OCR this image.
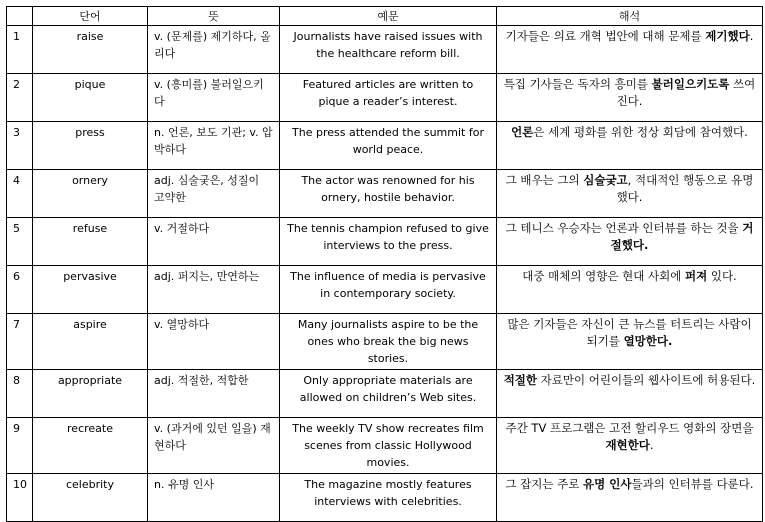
	단어	뜻	예문	해석
1	raise	v. (문제를) 제기하다, 올리다	Journalists have raised issues with the healthcare reform bill.	기자들은 의료 개혁 법안에 대해 문제를 제기했다.
2	pique	v. (흥미를) 불러일으키다	Featured articles are written to pique a reader’s interest.	특집 기사들은 독자의 흥미를 불러일으키도록 쓰여진다.
3	press	n. 언론, 보도 기관; v. 압박하다	The press attended the summit for world peace.	언론은 세계 평화를 위한 정상 회담에 참여했다.
4	ornery	adj. 심술궂은, 성질이 고약한	The actor was renowned for his ornery, hostile behavior.	그 배우는 그의 심술궂고, 적대적인 행동으로 유명했다.
5	refuse	v. 거절하다	The tennis champion refused to give interviews to the press.	그 테니스 우승자는 언론과 인터뷰를 하는 것을 거절했다.
6	pervasive	adj. 퍼지는, 만연하는	The influence of media is pervasive in contemporary society.	대중 매체의 영향은 현대 사회에 퍼져 있다.
7	aspire	v. 열망하다	Many journalists aspire to be the ones who break the big news stories.	많은 기자들은 자신이 큰 뉴스를 터트리는 사람이 되기를 열망한다.
8	appropriate	adj. 적절한, 적합한	Only appropriate materials are allowed on children’s Web sites.	적절한 자료만이 어린이들의 웹사이트에 허용된다.
9	recreate	v. (과거에 있던 일을) 재현하다	The weekly TV show recreates film scenes from classic Hollywood movies.	주간 TV 프로그램은 고전 할리우드 영화의 장면을 재현한다.
10	celebrity	n. 유명 인사	The magazine mostly features interviews with celebrities.	그 잡지는 주로 유명 인사들과의 인터뷰를 다룬다.
